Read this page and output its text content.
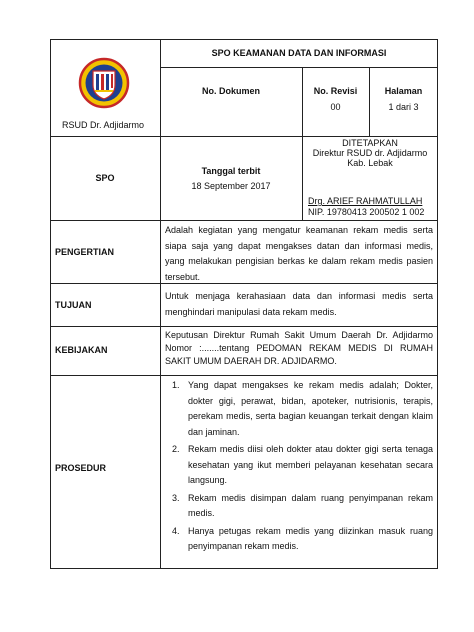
RSUD Dr. Adjidarmo
SPO KEAMANAN DATA DAN INFORMASI
No. Dokumen	No. Revisi
00
Halaman
1 dari 3
SPO
Tanggal terbit
18 September 2017
DITETAPKAN
Direktur RSUD dr. Adjidarmo
Kab. Lebak
Drg. ARIEF RAHMATULLAH
NIP. 19780413 200502 1 002
PENGERTIAN
Adalah kegiatan yang mengatur keamanan rekam medis serta siapa saja yang dapat mengakses datan dan informasi medis, yang melakukan pengisian berkas ke dalam rekam medis pasien tersebut.
TUJUAN
Untuk menjaga kerahasiaan data dan informasi medis serta menghindari manipulasi data rekam medis.
KEBIJAKAN
Keputusan Direktur Rumah Sakit Umum Daerah Dr. Adjidarmo Nomor :.......tentang PEDOMAN REKAM MEDIS DI RUMAH SAKIT UMUM DAERAH DR. ADJIDARMO.
PROSEDUR
1. Yang dapat mengakses ke rekam medis adalah; Dokter, dokter gigi, perawat, bidan, apoteker, nutrisionis, terapis, perekam medis, serta bagian keuangan terkait dengan klaim dan jaminan.
2. Rekam medis diisi oleh dokter atau dokter gigi serta tenaga kesehatan yang ikut memberi pelayanan kesehatan secara langsung.
3. Rekam medis disimpan dalam ruang penyimpanan rekam medis.
4. Hanya petugas rekam medis yang diizinkan masuk ruang penyimpanan rekam medis.
